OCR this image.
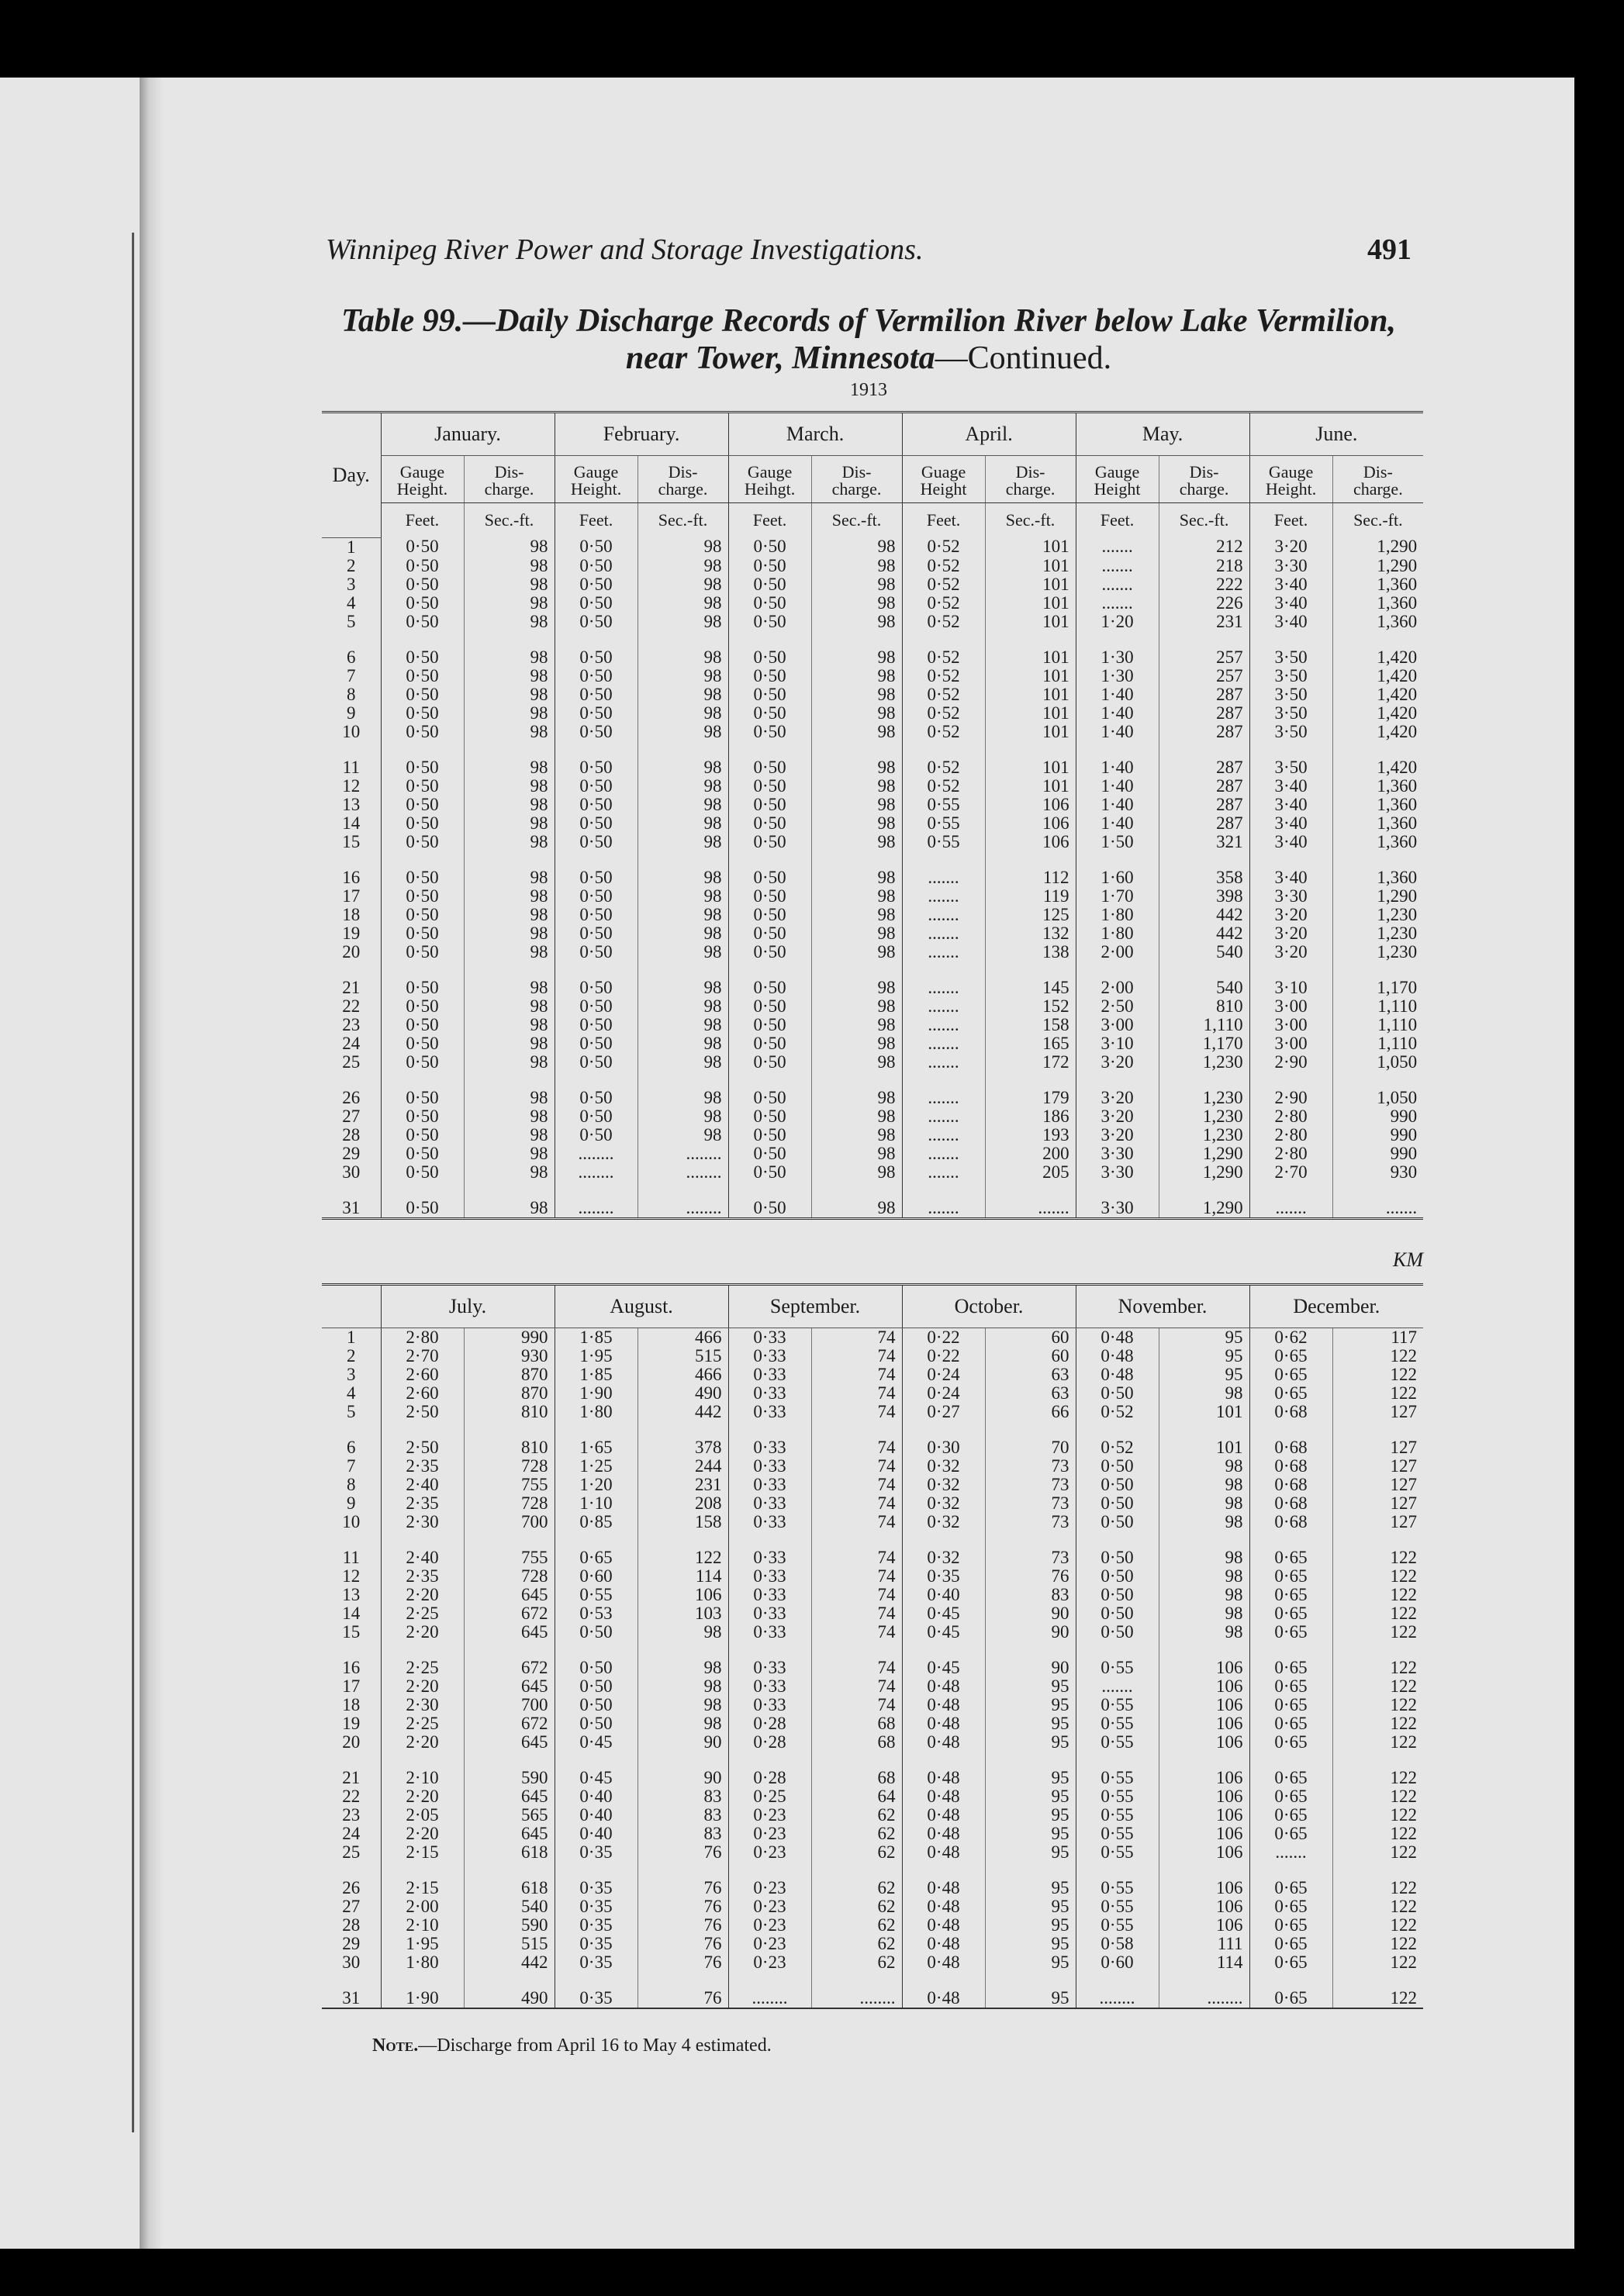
Winnipeg River Power and Storage Investigations.	491
Table 99.—Daily Discharge Records of Vermilion River below Lake Vermilion,
near Tower, Minnesota—Continued.
1913
Day.	January.		February.		March.		April.		May.		June.	
	Gauge Height.	Dis-charge.	Gauge Height.	Dis-charge.	Gauge Heihgt.	Dis-charge.	Guage Height	Dis-charge.	Gauge Height	Dis-charge.	Gauge Height.	Dis-charge.
	Feet.	Sec.-ft.	Feet.	Sec.-ft.	Feet.	Sec.-ft.	Feet.	Sec.-ft.	Feet.	Sec.-ft.	Feet.	Sec.-ft.
1	0·50	98	0·50	98	0·50	98	0·52	101	.......	212	3·20	1,290
2	0·50	98	0·50	98	0·50	98	0·52	101	.......	218	3·30	1,290
3	0·50	98	0·50	98	0·50	98	0·52	101	.......	222	3·40	1,360
4	0·50	98	0·50	98	0·50	98	0·52	101	.......	226	3·40	1,360
5	0·50	98	0·50	98	0·50	98	0·52	101	1·20	231	3·40	1,360

6	0·50	98	0·50	98	0·50	98	0·52	101	1·30	257	3·50	1,420
7	0·50	98	0·50	98	0·50	98	0·52	101	1·30	257	3·50	1,420
8	0·50	98	0·50	98	0·50	98	0·52	101	1·40	287	3·50	1,420
9	0·50	98	0·50	98	0·50	98	0·52	101	1·40	287	3·50	1,420
10	0·50	98	0·50	98	0·50	98	0·52	101	1·40	287	3·50	1,420

11	0·50	98	0·50	98	0·50	98	0·52	101	1·40	287	3·50	1,420
12	0·50	98	0·50	98	0·50	98	0·52	101	1·40	287	3·40	1,360
13	0·50	98	0·50	98	0·50	98	0·55	106	1·40	287	3·40	1,360
14	0·50	98	0·50	98	0·50	98	0·55	106	1·40	287	3·40	1,360
15	0·50	98	0·50	98	0·50	98	0·55	106	1·50	321	3·40	1,360

16	0·50	98	0·50	98	0·50	98	.......	112	1·60	358	3·40	1,360
17	0·50	98	0·50	98	0·50	98	.......	119	1·70	398	3·30	1,290
18	0·50	98	0·50	98	0·50	98	.......	125	1·80	442	3·20	1,230
19	0·50	98	0·50	98	0·50	98	.......	132	1·80	442	3·20	1,230
20	0·50	98	0·50	98	0·50	98	.......	138	2·00	540	3·20	1,230

21	0·50	98	0·50	98	0·50	98	.......	145	2·00	540	3·10	1,170
22	0·50	98	0·50	98	0·50	98	.......	152	2·50	810	3·00	1,110
23	0·50	98	0·50	98	0·50	98	.......	158	3·00	1,110	3·00	1,110
24	0·50	98	0·50	98	0·50	98	.......	165	3·10	1,170	3·00	1,110
25	0·50	98	0·50	98	0·50	98	.......	172	3·20	1,230	2·90	1,050

26	0·50	98	0·50	98	0·50	98	.......	179	3·20	1,230	2·90	1,050
27	0·50	98	0·50	98	0·50	98	.......	186	3·20	1,230	2·80	990
28	0·50	98	0·50	98	0·50	98	.......	193	3·20	1,230	2·80	990
29	0·50	98	........	........	0·50	98	.......	200	3·30	1,290	2·80	990
30	0·50	98	........	........	0·50	98	.......	205	3·30	1,290	2·70	930

31	0·50	98	........	........	0·50	98	.......	.......	3·30	1,290	.......	.......
KM
	July.		August.		September.		October.		November.		December.	
1	2·80	990	1·85	466	0·33	74	0·22	60	0·48	95	0·62	117
2	2·70	930	1·95	515	0·33	74	0·22	60	0·48	95	0·65	122
3	2·60	870	1·85	466	0·33	74	0·24	63	0·48	95	0·65	122
4	2·60	870	1·90	490	0·33	74	0·24	63	0·50	98	0·65	122
5	2·50	810	1·80	442	0·33	74	0·27	66	0·52	101	0·68	127

6	2·50	810	1·65	378	0·33	74	0·30	70	0·52	101	0·68	127
7	2·35	728	1·25	244	0·33	74	0·32	73	0·50	98	0·68	127
8	2·40	755	1·20	231	0·33	74	0·32	73	0·50	98	0·68	127
9	2·35	728	1·10	208	0·33	74	0·32	73	0·50	98	0·68	127
10	2·30	700	0·85	158	0·33	74	0·32	73	0·50	98	0·68	127

11	2·40	755	0·65	122	0·33	74	0·32	73	0·50	98	0·65	122
12	2·35	728	0·60	114	0·33	74	0·35	76	0·50	98	0·65	122
13	2·20	645	0·55	106	0·33	74	0·40	83	0·50	98	0·65	122
14	2·25	672	0·53	103	0·33	74	0·45	90	0·50	98	0·65	122
15	2·20	645	0·50	98	0·33	74	0·45	90	0·50	98	0·65	122

16	2·25	672	0·50	98	0·33	74	0·45	90	0·55	106	0·65	122
17	2·20	645	0·50	98	0·33	74	0·48	95	.......	106	0·65	122
18	2·30	700	0·50	98	0·33	74	0·48	95	0·55	106	0·65	122
19	2·25	672	0·50	98	0·28	68	0·48	95	0·55	106	0·65	122
20	2·20	645	0·45	90	0·28	68	0·48	95	0·55	106	0·65	122

21	2·10	590	0·45	90	0·28	68	0·48	95	0·55	106	0·65	122
22	2·20	645	0·40	83	0·25	64	0·48	95	0·55	106	0·65	122
23	2·05	565	0·40	83	0·23	62	0·48	95	0·55	106	0·65	122
24	2·20	645	0·40	83	0·23	62	0·48	95	0·55	106	0·65	122
25	2·15	618	0·35	76	0·23	62	0·48	95	0·55	106	.......	122

26	2·15	618	0·35	76	0·23	62	0·48	95	0·55	106	0·65	122
27	2·00	540	0·35	76	0·23	62	0·48	95	0·55	106	0·65	122
28	2·10	590	0·35	76	0·23	62	0·48	95	0·55	106	0·65	122
29	1·95	515	0·35	76	0·23	62	0·48	95	0·58	111	0·65	122
30	1·80	442	0·35	76	0·23	62	0·48	95	0·60	114	0·65	122

31	1·90	490	0·35	76	........	........	0·48	95	........	........	0·65	122
Note.—Discharge from April 16 to May 4 estimated.
